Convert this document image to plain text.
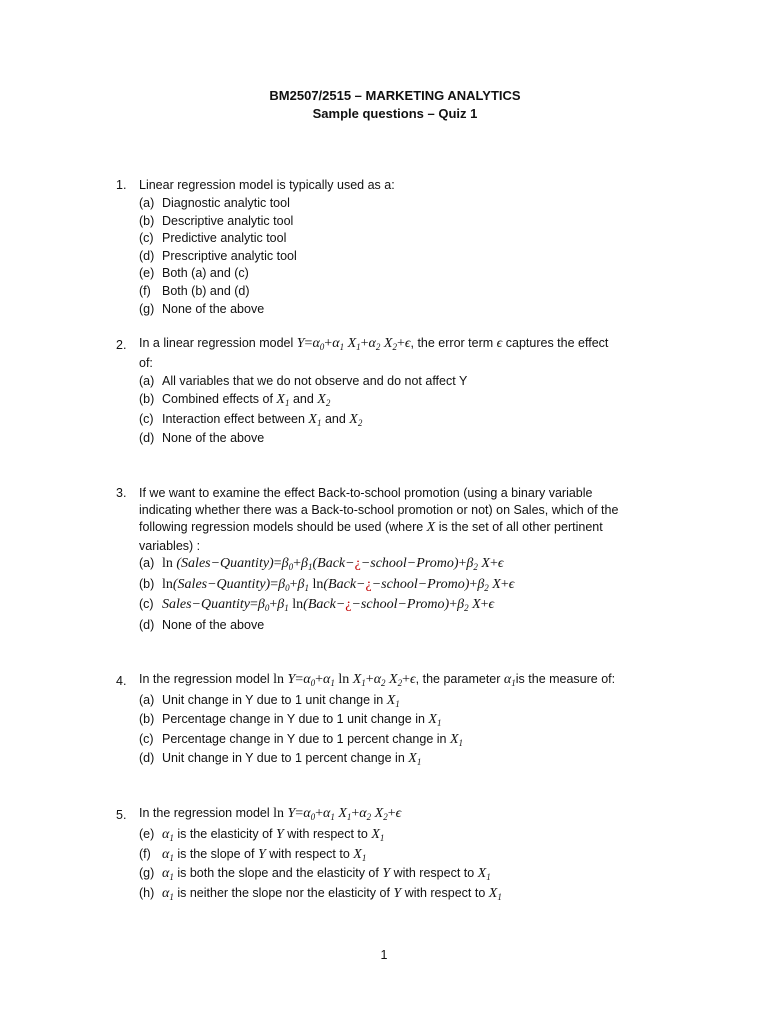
BM2507/2515 – MARKETING ANALYTICS
Sample questions – Quiz 1
1. Linear regression model is typically used as a:
(a) Diagnostic analytic tool
(b) Descriptive analytic tool
(c) Predictive analytic tool
(d) Prescriptive analytic tool
(e) Both (a) and (c)
(f) Both (b) and (d)
(g) None of the above
2. In a linear regression model $Y=\alpha_0+\alpha_1$ $X_1+\alpha_2$ $X_2+\epsilon$, the error term ϵ captures the effect
of:
(a) All variables that we do not observe and do not affect Y
(b) Combined effects of $X_1$ and $X_2$
(c) Interaction effect between $X_1$ and $X_2$
(d) None of the above
3. If we want to examine the effect Back-to-school promotion (using a binary variable
indicating whether there was a Back-to-school promotion or not) on Sales, which of the
following regression models should be used (where X is the set of all other pertinent
variables) :
(a) $\ln (Sales-Quantity)=\beta_0+\beta_1(Back-¿-school-Promo)+\beta_2$ X+ϵ
(b) $\ln(Sales-Quantity)=\beta_0+\beta_1$ $\ln(Back-¿-school-Promo)+\beta_2$ X+ϵ
(c) $Sales-Quantity=\beta_0+\beta_1$ $\ln(Back-¿-school-Promo)+\beta_2$ X+ϵ
(d) None of the above
4. In the regression model $\ln Y=\alpha_0+\alpha_1$ $\ln X_1+\alpha_2$ $X_2+\epsilon$, the parameter $\alpha_1is$ the measure of:
(a) Unit change in Y due to 1 unit change in $X_1$
(b) Percentage change in Y due to 1 unit change in $X_1$
(c) Percentage change in Y due to 1 percent change in $X_1$
(d) Unit change in Y due to 1 percent change in $X_1$
5. In the regression model $\ln Y=\alpha_0+\alpha_1$ $X_1+\alpha_2$ $X_2+\epsilon$
(e) $\alpha_1$ is the elasticity of Y with respect to $X_1$
(f) $\alpha_1$ is the slope of Y with respect to $X_1$
(g) $\alpha_1$ is both the slope and the elasticity of Y with respect to $X_1$
(h) $\alpha_1$ is neither the slope nor the elasticity of Y with respect to $X_1$
1
